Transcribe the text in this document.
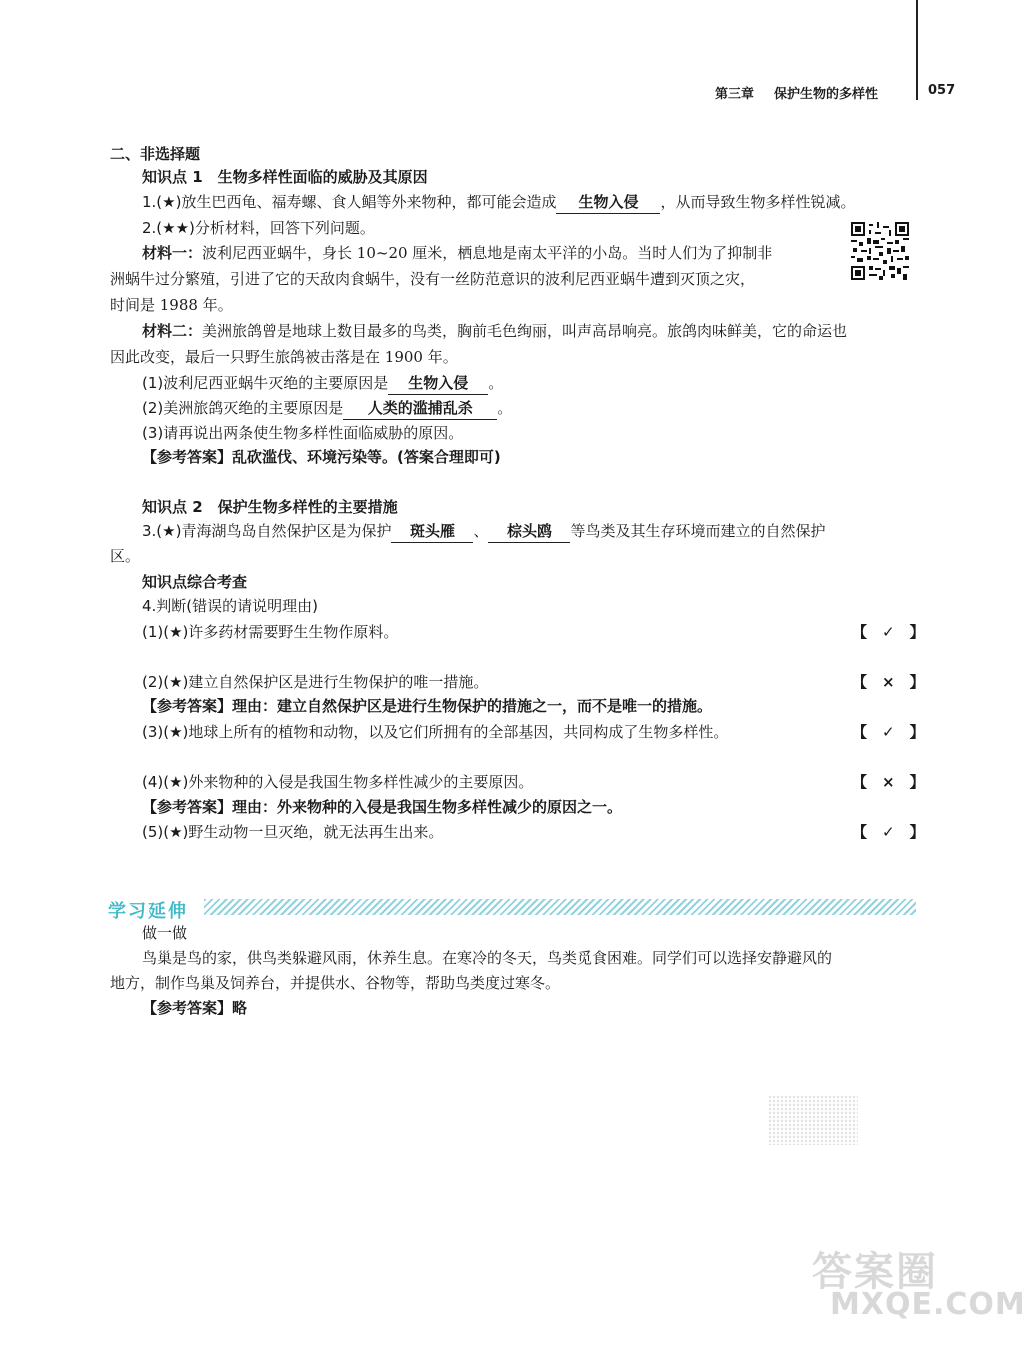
第三章 保护生物的多样性	057
二、非选择题
知识点 1　生物多样性面临的威胁及其原因
1.(★)放生巴西龟、福寿螺、食人鲳等外来物种，都可能会造成 生物入侵 ，从而导致生物多样性锐减。
2.(★★)分析材料，回答下列问题。
材料一：波利尼西亚蜗牛，身长 10~20 厘米，栖息地是南太平洋的小岛。当时人们为了抑制非
洲蜗牛过分繁殖，引进了它的天敌肉食蜗牛，没有一丝防范意识的波利尼西亚蜗牛遭到灭顶之灾，
时间是 1988 年。
材料二：美洲旅鸽曾是地球上数目最多的鸟类，胸前毛色绚丽，叫声高昂响亮。旅鸽肉味鲜美，它的命运也
因此改变，最后一只野生旅鸽被击落是在 1900 年。
(1)波利尼西亚蜗牛灭绝的主要原因是 生物入侵 。
(2)美洲旅鸽灭绝的主要原因是 人类的滥捕乱杀 。
(3)请再说出两条使生物多样性面临威胁的原因。
【参考答案】乱砍滥伐、环境污染等。(答案合理即可)
知识点 2　保护生物多样性的主要措施
3.(★)青海湖鸟岛自然保护区是为保护 斑头雁 、 棕头鸥 等鸟类及其生存环境而建立的自然保护
区。
知识点综合考查
4.判断(错误的请说明理由)
(1)(★)许多药材需要野生生物作原料。	【　✓　】
(2)(★)建立自然保护区是进行生物保护的唯一措施。	【　×　】
【参考答案】理由：建立自然保护区是进行生物保护的措施之一，而不是唯一的措施。
(3)(★)地球上所有的植物和动物，以及它们所拥有的全部基因，共同构成了生物多样性。	【　✓　】
(4)(★)外来物种的入侵是我国生物多样性减少的主要原因。	【　×　】
【参考答案】理由：外来物种的入侵是我国生物多样性减少的原因之一。
(5)(★)野生动物一旦灭绝，就无法再生出来。	【　✓　】
学习延伸
做一做
鸟巢是鸟的家，供鸟类躲避风雨，休养生息。在寒冷的冬天，鸟类觅食困难。同学们可以选择安静避风的
地方，制作鸟巢及饲养台，并提供水、谷物等，帮助鸟类度过寒冬。
【参考答案】略
答案圈
MXQE.COM
